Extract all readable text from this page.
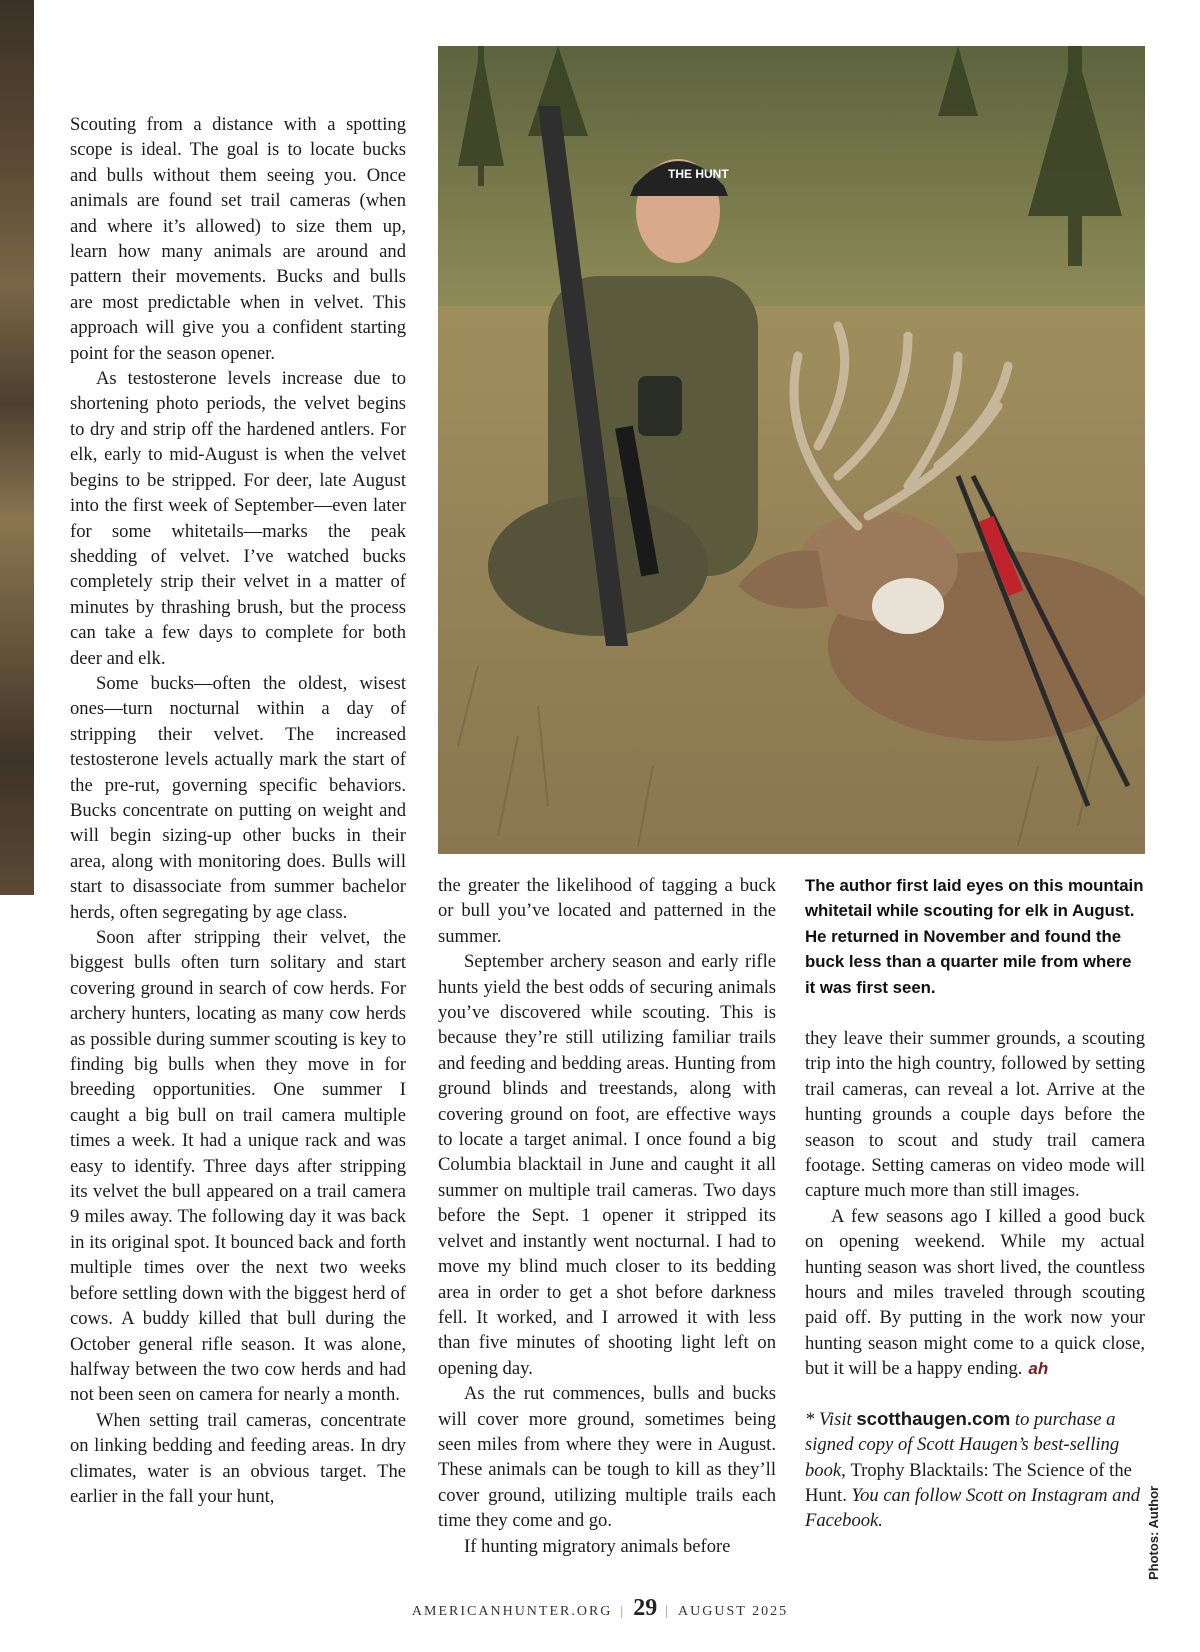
Scouting from a distance with a spotting scope is ideal. The goal is to locate bucks and bulls without them seeing you. Once animals are found set trail cameras (when and where it’s allowed) to size them up, learn how many animals are around and pattern their movements. Bucks and bulls are most predictable when in velvet. This approach will give you a confident starting point for the season opener.

As testosterone levels increase due to shortening photo periods, the velvet begins to dry and strip off the hardened antlers. For elk, early to mid-August is when the velvet begins to be stripped. For deer, late August into the first week of September—even later for some whitetails—marks the peak shedding of velvet. I’ve watched bucks completely strip their velvet in a matter of minutes by thrashing brush, but the process can take a few days to complete for both deer and elk.

Some bucks—often the oldest, wisest ones—turn nocturnal within a day of stripping their velvet. The increased testosterone levels actually mark the start of the pre-rut, governing specific behaviors. Bucks concentrate on putting on weight and will begin sizing-up other bucks in their area, along with monitoring does. Bulls will start to disassociate from summer bachelor herds, often segregating by age class.

Soon after stripping their velvet, the biggest bulls often turn solitary and start covering ground in search of cow herds. For archery hunters, locating as many cow herds as possible during summer scouting is key to finding big bulls when they move in for breeding opportunities. One summer I caught a big bull on trail camera multiple times a week. It had a unique rack and was easy to identify. Three days after stripping its velvet the bull appeared on a trail camera 9 miles away. The following day it was back in its original spot. It bounced back and forth multiple times over the next two weeks before settling down with the biggest herd of cows. A buddy killed that bull during the October general rifle season. It was alone, halfway between the two cow herds and had not been seen on camera for nearly a month.

When setting trail cameras, concentrate on linking bedding and feeding areas. In dry climates, water is an obvious target. The earlier in the fall your hunt,

THE HUNT

the greater the likelihood of tagging a buck or bull you’ve located and patterned in the summer.

September archery season and early rifle hunts yield the best odds of securing animals you’ve discovered while scouting. This is because they’re still utilizing familiar trails and feeding and bedding areas. Hunting from ground blinds and treestands, along with covering ground on foot, are effective ways to locate a target animal. I once found a big Columbia blacktail in June and caught it all summer on multiple trail cameras. Two days before the Sept. 1 opener it stripped its velvet and instantly went nocturnal. I had to move my blind much closer to its bedding area in order to get a shot before darkness fell. It worked, and I arrowed it with less than five minutes of shooting light left on opening day.

As the rut commences, bulls and bucks will cover more ground, sometimes being seen miles from where they were in August. These animals can be tough to kill as they’ll cover ground, utilizing multiple trails each time they come and go.

If hunting migratory animals before

The author first laid eyes on this mountain whitetail while scouting for elk in August. He returned in November and found the buck less than a quarter mile from where it was first seen.

they leave their summer grounds, a scouting trip into the high country, followed by setting trail cameras, can reveal a lot. Arrive at the hunting grounds a couple days before the season to scout and study trail camera footage. Setting cameras on video mode will capture much more than still images.

A few seasons ago I killed a good buck on opening weekend. While my actual hunting season was short lived, the countless hours and miles traveled through scouting paid off. By putting in the work now your hunting season might come to a quick close, but it will be a happy ending. ah

* Visit scotthaugen.com to purchase a signed copy of Scott Haugen’s best-selling book, Trophy Blacktails: The Science of the Hunt. You can follow Scott on Instagram and Facebook.	Photos: Author
AMERICANHUNTER.ORG | 29 | AUGUST 2025
